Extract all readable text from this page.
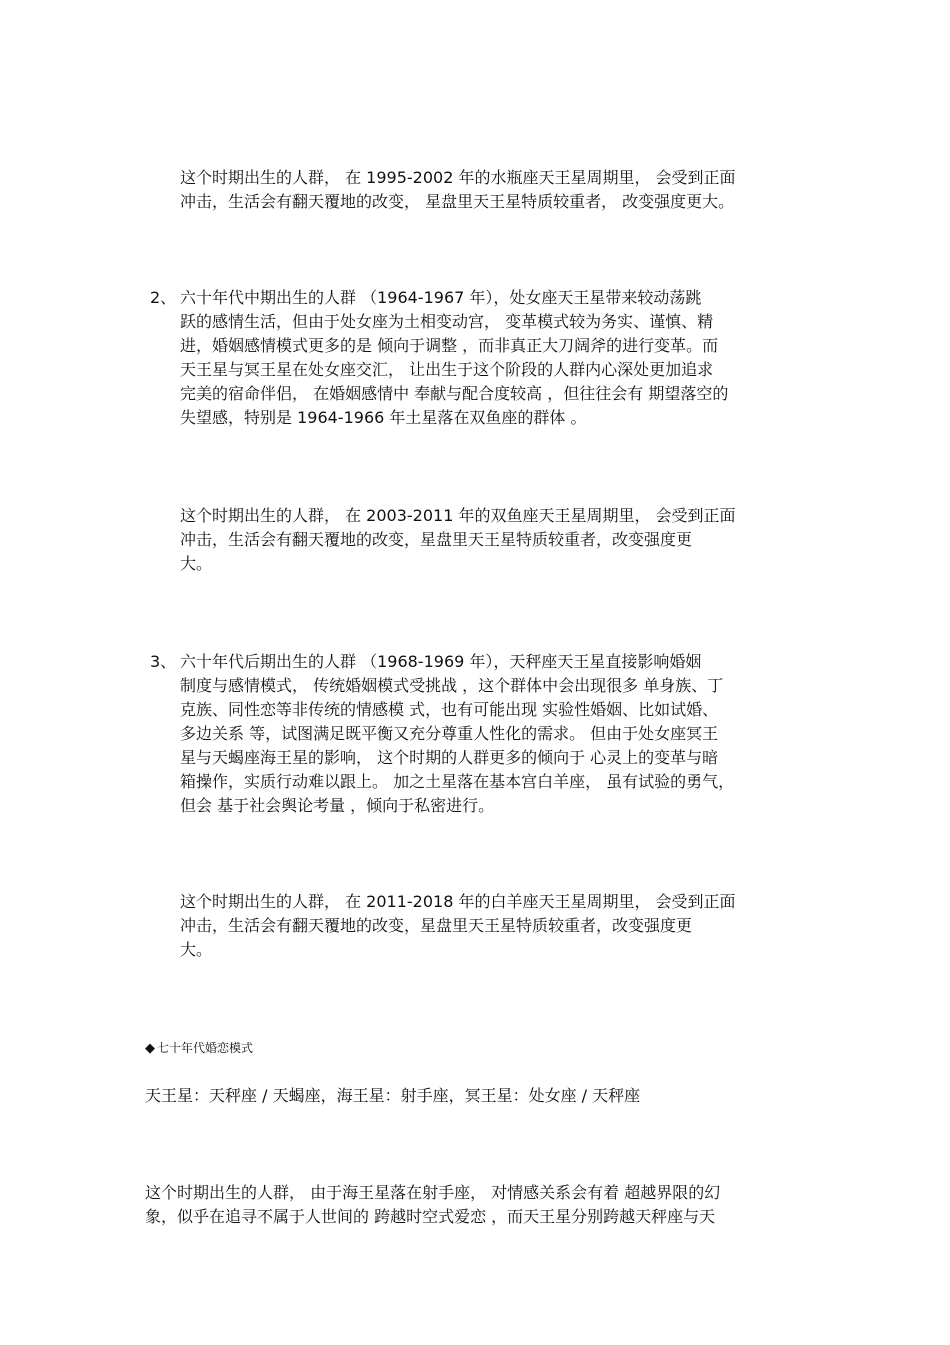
这个时期出生的人群， 在 1995-2002 年的水瓶座天王星周期里， 会受到正面
冲击，生活会有翻天覆地的改变， 星盘里天王星特质较重者， 改变强度更大。
2、 六十年代中期出生的人群 （1964-1967 年），处女座天王星带来较动荡跳
跃的感情生活，但由于处女座为土相变动宫， 变革模式较为务实、谨慎、精
进，婚姻感情模式更多的是 倾向于调整 ，而非真正大刀阔斧的进行变革。而
天王星与冥王星在处女座交汇， 让出生于这个阶段的人群内心深处更加追求
完美的宿命伴侣， 在婚姻感情中 奉献与配合度较高 ，但往往会有 期望落空的
失望感，特别是 1964-1966 年土星落在双鱼座的群体 。
这个时期出生的人群， 在 2003-2011 年的双鱼座天王星周期里， 会受到正面
冲击，生活会有翻天覆地的改变，星盘里天王星特质较重者，改变强度更
大。
3、 六十年代后期出生的人群 （1968-1969 年），天秤座天王星直接影响婚姻
制度与感情模式， 传统婚姻模式受挑战 ，这个群体中会出现很多 单身族、丁
克族、同性恋等非传统的情感模 式，也有可能出现 实验性婚姻、比如试婚、
多边关系 等，试图满足既平衡又充分尊重人性化的需求。 但由于处女座冥王
星与天蝎座海王星的影响， 这个时期的人群更多的倾向于 心灵上的变革与暗
箱操作，实质行动难以跟上。 加之土星落在基本宫白羊座， 虽有试验的勇气，
但会 基于社会舆论考量 ，倾向于私密进行。
这个时期出生的人群， 在 2011-2018 年的白羊座天王星周期里， 会受到正面
冲击，生活会有翻天覆地的改变，星盘里天王星特质较重者，改变强度更
大。
◆ 七十年代婚恋模式
天王星：天秤座 / 天蝎座，海王星：射手座，冥王星：处女座 / 天秤座
这个时期出生的人群， 由于海王星落在射手座， 对情感关系会有着 超越界限的幻
象，似乎在追寻不属于人世间的 跨越时空式爱恋 ，而天王星分别跨越天秤座与天
